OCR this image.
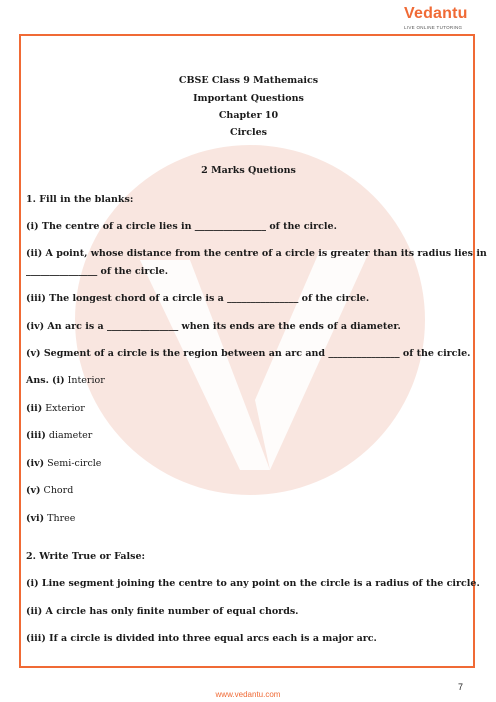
Vedantu
LIVE ONLINE TUTORING
CBSE Class 9 Mathemaics
Important Questions
Chapter 10
Circles
2 Marks Quetions
1. Fill in the blanks:
(i) The centre of a circle lies in _______________ of the circle.
(ii) A point, whose distance from the centre of a circle is greater than its radius lies in
_______________ of the circle.
(iii) The longest chord of a circle is a _______________ of the circle.
(iv) An arc is a _______________ when its ends are the ends of a diameter.
(v) Segment of a circle is the region between an arc and _______________ of the circle.
Ans. (i) Interior
(ii) Exterior
(iii) diameter
(iv) Semi-circle
(v) Chord
(vi) Three
2. Write True or False:
(i) Line segment joining the centre to any point on the circle is a radius of the circle.
(ii) A circle has only finite number of equal chords.
(iii) If a circle is divided into three equal arcs each is a major arc.
7
www.vedantu.com
